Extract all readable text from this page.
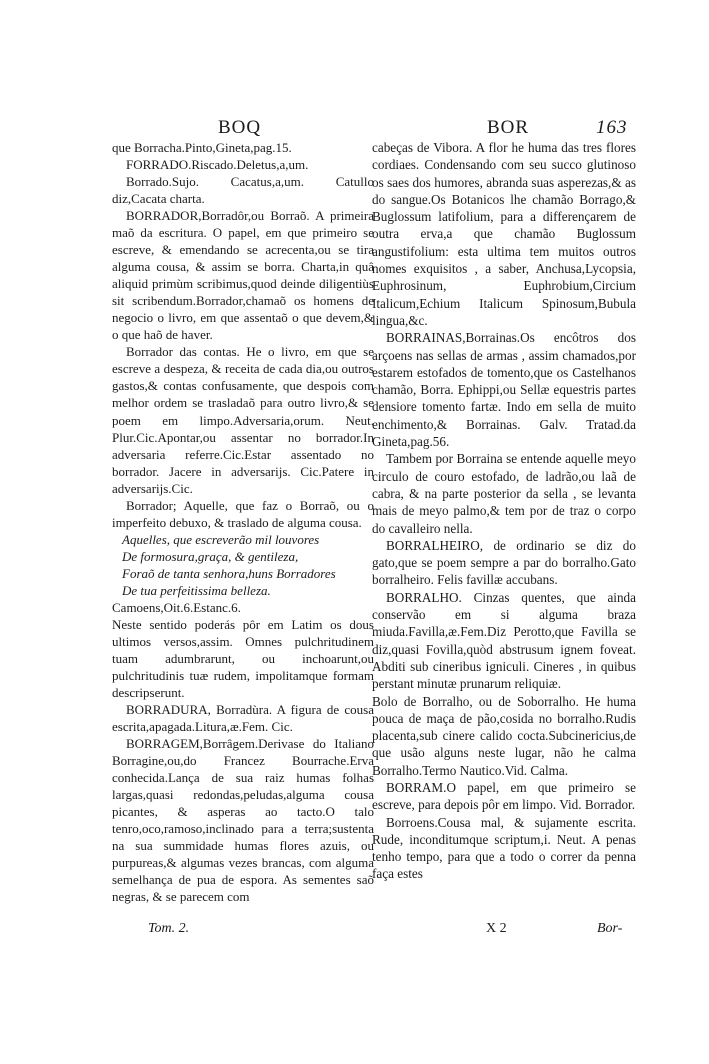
BOQ	BOR	163

que Borracha.Pinto,Gineta,pag.15.

FORRADO.Riscado.Deletus,a,um.

Borrado.Sujo. Cacatus,a,um. Catullo diz,Cacata charta.

BORRADOR,Borradôr,ou Borraõ. A primeira maõ da escritura. O papel, em que primeiro se escreve, & emendando se acrecenta,ou se tira alguma cousa, & assim se borra. Charta,in quâ aliquid primùm scribimus,quod deinde diligentiùs sit scribendum.Borrador,chamaõ os homens de negocio o livro, em que assentaõ o que devem,& o que haõ de haver.

Borrador das contas. He o livro, em que se escreve a despeza, & receita de cada dia,ou outros gastos,& contas confusamente, que despois com melhor ordem se trasladaõ para outro livro,& se poem em limpo.Adversaria,orum. Neut. Plur.Cic.Apontar,ou assentar no borrador.In adversaria referre.Cic.Estar assentado no borrador. Jacere in adversarijs. Cic.Patere in adversarijs.Cic.

Borrador; Aquelle, que faz o Borraõ, ou o imperfeito debuxo, & traslado de alguma cousa.

Aquelles, que escreverão mil louvores

De formosura,graça, & gentileza,

Foraõ de tanta senhora,huns Borradores

De tua perfeitissima belleza.

Camoens,Oit.6.Estanc.6.

Neste sentido poderás pôr em Latim os dous ultimos versos,assim. Omnes pulchritudinem tuam adumbrarunt, ou inchoarunt,ou pulchritudinis tuæ rudem, impolitamque formam descripserunt.

BORRADURA, Borradùra. A figura de cousa escrita,apagada.Litura,æ.Fem. Cic.

BORRAGEM,Borrâgem.Derivase do Italiano Borragine,ou,do Francez Bourrache.Erva conhecida.Lança de sua raiz humas folhas largas,quasi redondas,peludas,alguma cousa picantes, & asperas ao tacto.O talo tenro,oco,ramoso,inclinado para a terra;sustenta na sua summidade humas flores azuis, ou purpureas,& algumas vezes brancas, com alguma semelhança de pua de espora. As sementes saõ negras, & se parecem com

cabeças de Vibora. A flor he huma das tres flores cordiaes. Condensando com seu succo glutinoso os saes dos humores, abranda suas asperezas,& as do sangue.Os Botanicos lhe chamão Borrago,& Buglossum latifolium, para a differençarem de outra erva,a que chamão Buglossum angustifolium: esta ultima tem muitos outros nomes exquisitos , a saber, Anchusa,Lycopsia, Euphrosinum, Euphrobium,Circium Italicum,Echium Italicum Spinosum,Bubula lingua,&c.

BORRAINAS,Borrainas.Os encôtros dos arçoens nas sellas de armas , assim chamados,por estarem estofados de tomento,que os Castelhanos chamão, Borra. Ephippi,ou Sellæ equestris partes densiore tomento fartæ. Indo em sella de muito enchimento,& Borrainas. Galv. Tratad.da Gineta,pag.56.

Tambem por Borraina se entende aquelle meyo circulo de couro estofado, de ladrão,ou laã de cabra, & na parte posterior da sella , se levanta mais de meyo palmo,& tem por de traz o corpo do cavalleiro nella.

BORRALHEIRO, de ordinario se diz do gato,que se poem sempre a par do borralho.Gato borralheiro. Felis favillæ accubans.

BORRALHO. Cinzas quentes, que ainda conservão em si alguma braza miuda.Favilla,æ.Fem.Diz Perotto,que Favilla se diz,quasi Fovilla,quòd abstrusum ignem foveat. Abditi sub cineribus igniculi. Cineres , in quibus perstant minutæ prunarum reliquiæ.

Bolo de Borralho, ou de Soborralho. He huma pouca de maça de pão,cosida no borralho.Rudis placenta,sub cinere calido cocta.Subcinericius,de que usão alguns neste lugar, não he calma Borralho.Termo Nautico.Vid. Calma.

BORRAM.O papel, em que primeiro se escreve, para depois pôr em limpo. Vid. Borrador.

Borroens.Cousa mal, & sujamente escrita. Rude, inconditumque scriptum,i. Neut. A penas tenho tempo, para que a todo o correr da penna faça estes

Tom. 2.	X 2	Bor-
